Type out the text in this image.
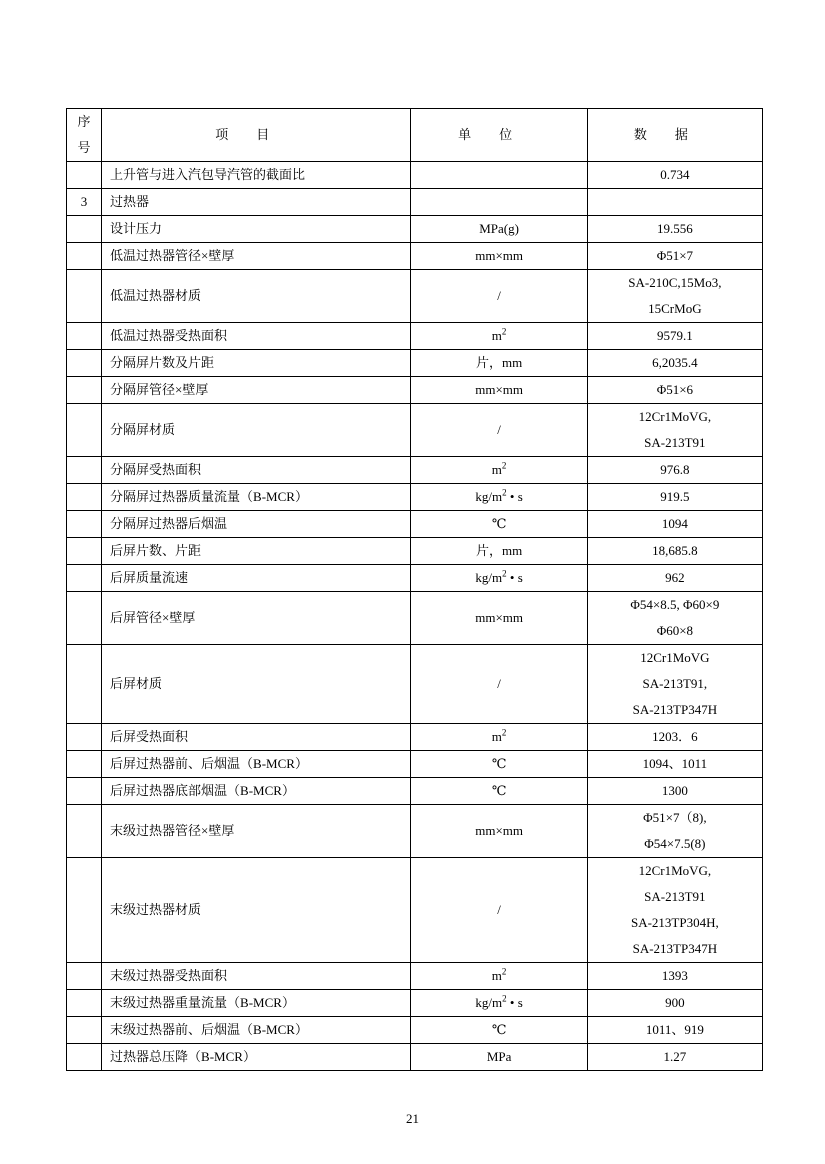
序
号	项目	单位	数据
	上升管与进入汽包导汽管的截面比		0.734
3	过热器		
	设计压力	MPa(g)	19.556
	低温过热器管径×壁厚	mm×mm	Φ51×7
	低温过热器材质	/	SA-210C,15Mo3,
15CrMoG
	低温过热器受热面积	$m^2$	9579.1
	分隔屏片数及片距	片，mm	6,2035.4
	分隔屏管径×壁厚	mm×mm	Φ51×6
	分隔屏材质	/	12Cr1MoVG,
SA-213T91
	分隔屏受热面积	$m^2$	976.8
	分隔屏过热器质量流量（B-MCR）	$kg/m^2$ • s	919.5
	分隔屏过热器后烟温	℃	1094
	后屏片数、片距	片，mm	18,685.8
	后屏质量流速	$kg/m^2$ • s	962
	后屏管径×壁厚	mm×mm	Φ54×8.5, Φ60×9
Φ60×8
	后屏材质	/	12Cr1MoVG
SA-213T91,
SA-213TP347H
	后屏受热面积	$m^2$	1203．6
	后屏过热器前、后烟温（B-MCR）	℃	1094、1011
	后屏过热器底部烟温（B-MCR）	℃	1300
	末级过热器管径×壁厚	mm×mm	Φ51×7（8),
Φ54×7.5(8)
	末级过热器材质	/	12Cr1MoVG,
SA-213T91
SA-213TP304H,
SA-213TP347H
	末级过热器受热面积	$m^2$	1393
	末级过热器重量流量（B-MCR）	$kg/m^2$ • s	900
	末级过热器前、后烟温（B-MCR）	℃	1011、919
	过热器总压降（B-MCR）	MPa	1.27
21
